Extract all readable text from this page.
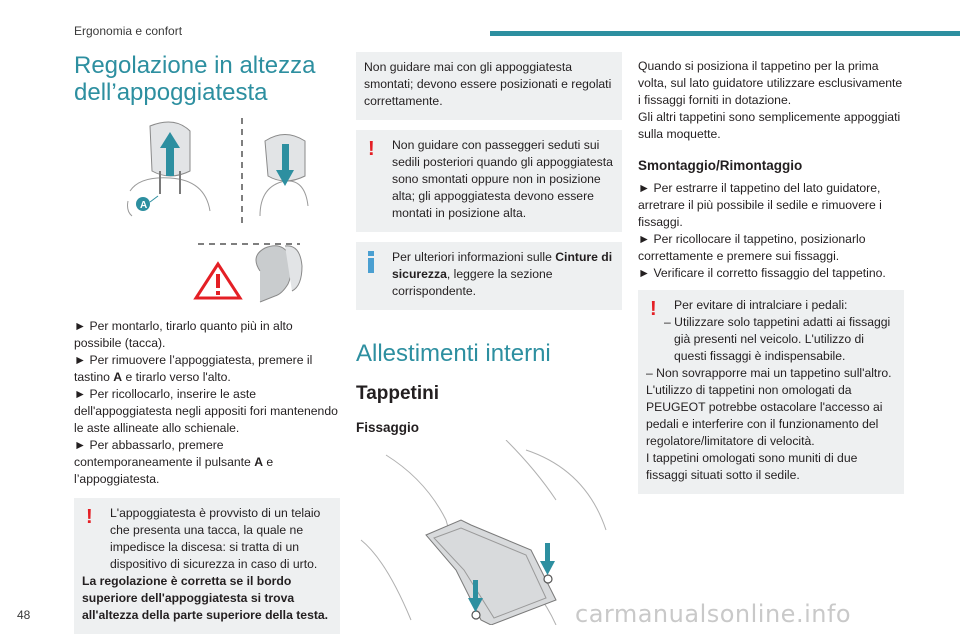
Ergonomia e confort
Regolazione in altezza dell’appoggiatesta
A
► Per montarlo, tirarlo quanto più in alto possibile (tacca).
► Per rimuovere l’appoggiatesta, premere il tastino A e tirarlo verso l'alto.
► Per ricollocarlo, inserire le aste dell'appoggiatesta negli appositi fori mantenendo le aste allineate allo schienale.
► Per abbassarlo, premere contemporaneamente il pulsante A e l’appoggiatesta.
!	L'appoggiatesta è provvisto di un telaio che presenta una tacca, la quale ne impedisce la discesa: si tratta di un dispositivo di sicurezza in caso di urto.

La regolazione è corretta se il bordo superiore dell'appoggiatesta si trova all'altezza della parte superiore della testa.

Non guidare mai con gli appoggiatesta smontati; devono essere posizionati e regolati correttamente.

!	Non guidare con passeggeri seduti sui sedili posteriori quando gli appoggiatesta sono smontati oppure non in posizione alta; gli appoggiatesta devono essere montati in posizione alta.

Per ulteriori informazioni sulle Cinture di sicurezza, leggere la sezione corrispondente.

Allestimenti interni
Tappetini
Fissaggio

Quando si posiziona il tappetino per la prima volta, sul lato guidatore utilizzare esclusivamente i fissaggi forniti in dotazione.

Gli altri tappetini sono semplicemente appoggiati sulla moquette.

Smontaggio/Rimontaggio
► Per estrarre il tappetino del lato guidatore, arretrare il più possibile il sedile e rimuovere i fissaggi.
► Per ricollocare il tappetino, posizionarlo correttamente e premere sui fissaggi.
► Verificare il corretto fissaggio del tappetino.
!	Per evitare di intralciare i pedali:

– Utilizzare solo tappetini adatti ai fissaggi già presenti nel veicolo. L'utilizzo di questi fissaggi è indispensabile.

– Non sovrapporre mai un tappetino sull'altro.

L'utilizzo di tappetini non omologati da PEUGEOT potrebbe ostacolare l'accesso ai pedali e interferire con il funzionamento del regolatore/limitatore di velocità.

I tappetini omologati sono muniti di due fissaggi situati sotto il sedile.

48	carmanualsonline.info
